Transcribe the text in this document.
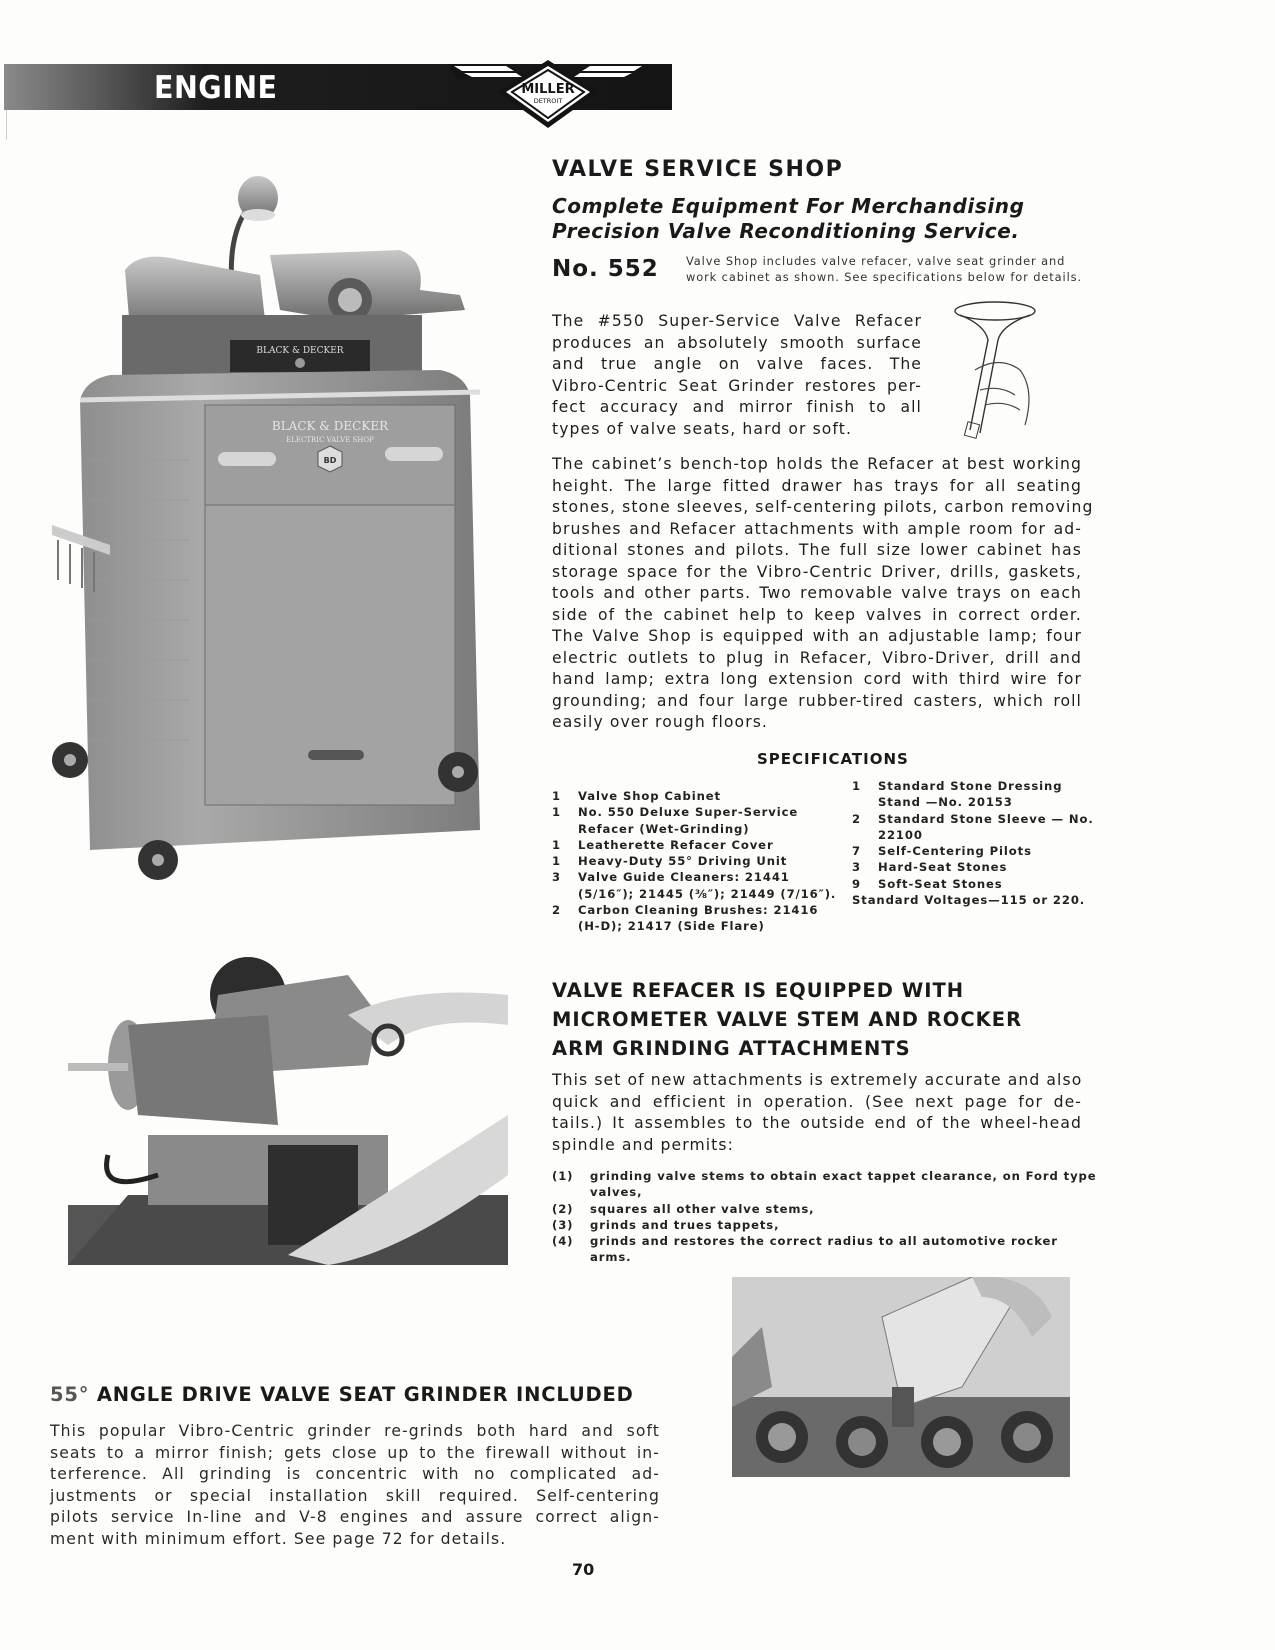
ENGINE	MILLER
DETROIT
BLACK & DECKER
BLACK & DECKER
ELECTRIC VALVE SHOP
BD
VALVE SERVICE SHOP
Complete Equipment For Merchandising
Precision Valve Reconditioning Service.
No. 552 Valve Shop includes valve refacer, valve seat grinder and work cabinet as shown. See specifications below for details.
The #550 Super-Service Valve Refacer
produces an absolutely smooth surface
and true angle on valve faces. The
Vibro-Centric Seat Grinder restores per-
fect accuracy and mirror finish to all
types of valve seats, hard or soft.
The cabinet’s bench-top holds the Refacer at best working
height. The large fitted drawer has trays for all seating
stones, stone sleeves, self-centering pilots, carbon removing
brushes and Refacer attachments with ample room for ad-
ditional stones and pilots. The full size lower cabinet has
storage space for the Vibro-Centric Driver, drills, gaskets,
tools and other parts. Two removable valve trays on each
side of the cabinet help to keep valves in correct order.
The Valve Shop is equipped with an adjustable lamp; four
electric outlets to plug in Refacer, Vibro-Driver, drill and
hand lamp; extra long extension cord with third wire for
grounding; and four large rubber-tired casters, which roll
easily over rough floors.
SPECIFICATIONS
1	Valve Shop Cabinet
1	No. 550 Deluxe Super-Service Refacer (Wet-Grinding)
1	Leatherette Refacer Cover
1	Heavy-Duty 55° Driving Unit
3	Valve Guide Cleaners: 21441 (5/16″); 21445 (⅜″); 21449 (7/16″).
2	Carbon Cleaning Brushes: 21416 (H-D); 21417 (Side Flare)
1	Standard Stone Dressing Stand —No. 20153
2	Standard Stone Sleeve — No. 22100
7	Self-Centering Pilots
3	Hard-Seat Stones
9	Soft-Seat Stones
Standard Voltages—115 or 220.
VALVE REFACER IS EQUIPPED WITH
MICROMETER VALVE STEM AND ROCKER
ARM GRINDING ATTACHMENTS
This set of new attachments is extremely accurate and also
quick and efficient in operation. (See next page for de-
tails.) It assembles to the outside end of the wheel-head
spindle and permits:
(1)	grinding valve stems to obtain exact tappet clearance, on Ford type valves,
(2)	squares all other valve stems,
(3)	grinds and trues tappets,
(4)	grinds and restores the correct radius to all automotive rocker arms.
55° ANGLE DRIVE VALVE SEAT GRINDER INCLUDED
This popular Vibro-Centric grinder re-grinds both hard and soft
seats to a mirror finish; gets close up to the firewall without in-
terference. All grinding is concentric with no complicated ad-
justments or special installation skill required. Self-centering
pilots service In-line and V-8 engines and assure correct align-
ment with minimum effort. See page 72 for details.
70
